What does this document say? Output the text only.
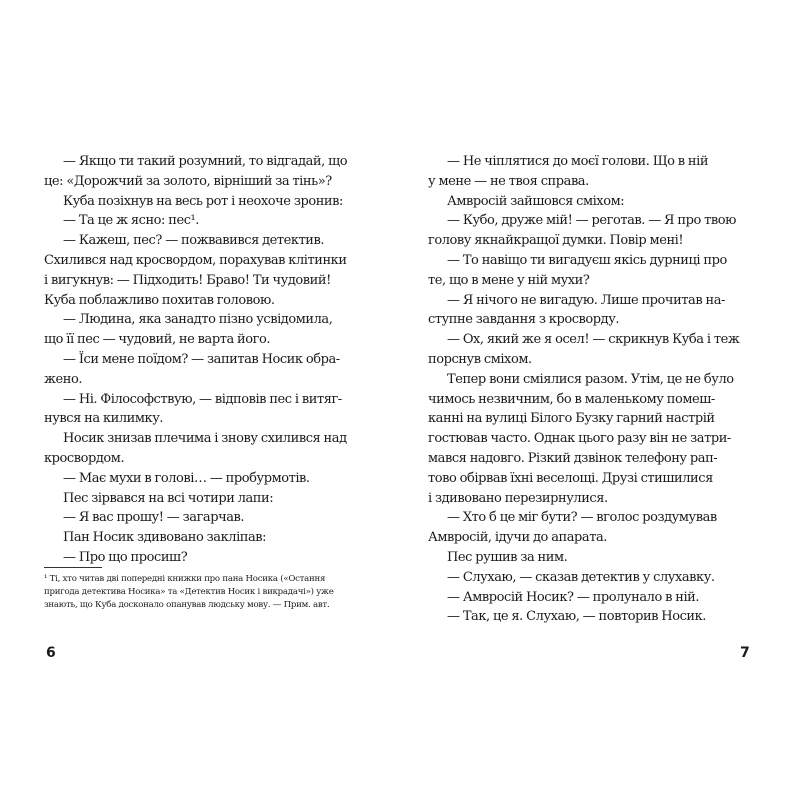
— Якщо ти такий розумний, то відгадай, що
це: «Дорожчий за золото, вірніший за тінь»?
Куба позіхнув на весь рот і неохоче зронив:
— Та це ж ясно: пес¹.
— Кажеш, пес? — пожвавився детектив.
Схилився над кросвордом, порахував клітинки
і вигукнув: — Підходить! Браво! Ти чудовий!
Куба поблажливо похитав головою.
— Людина, яка занадто пізно усвідомила,
що її пес — чудовий, не варта його.
— Їси мене поїдом? — запитав Носик обра-
жено.
— Ні. Філософствую, — відповів пес і витяг-
нувся на килимку.
Носик знизав плечима і знову схилився над
кросвордом.
— Має мухи в голові… — пробурмотів.
Пес зірвався на всі чотири лапи:
— Я вас прошу! — загарчав.
Пан Носик здивовано закліпав:
— Про що просиш?
¹ Ті, хто читав дві попередні книжки про пана Носика («Остання
пригода детектива Носика» та «Детектив Носик і викрадачі») уже
знають, що Куба досконало опанував людську мову. — Прим. авт.
6
— Не чіплятися до моєї голови. Що в ній
у мене — не твоя справа.
Амвросій зайшовся сміхом:
— Кубо, друже мій! — реготав. — Я про твою
голову якнайкращої думки. Повір мені!
— То навіщо ти вигадуєш якісь дурниці про
те, що в мене у ній мухи?
— Я нічого не вигадую. Лише прочитав на-
ступне завдання з кросворду.
— Ох, який же я осел! — скрикнув Куба і теж
порснув сміхом.
Тепер вони сміялися разом. Утім, це не було
чимось незвичним, бо в маленькому помеш-
канні на вулиці Білого Бузку гарний настрій
гостював часто. Однак цього разу він не затри-
мався надовго. Різкий дзвінок телефону рап-
тово обірвав їхні веселощі. Друзі стишилися
і здивовано перезирнулися.
— Хто б це міг бути? — вголос роздумував
Амвросій, ідучи до апарата.
Пес рушив за ним.
— Слухаю, — сказав детектив у слухавку.
— Амвросій Носик? — пролунало в ній.
— Так, це я. Слухаю, — повторив Носик.
7
